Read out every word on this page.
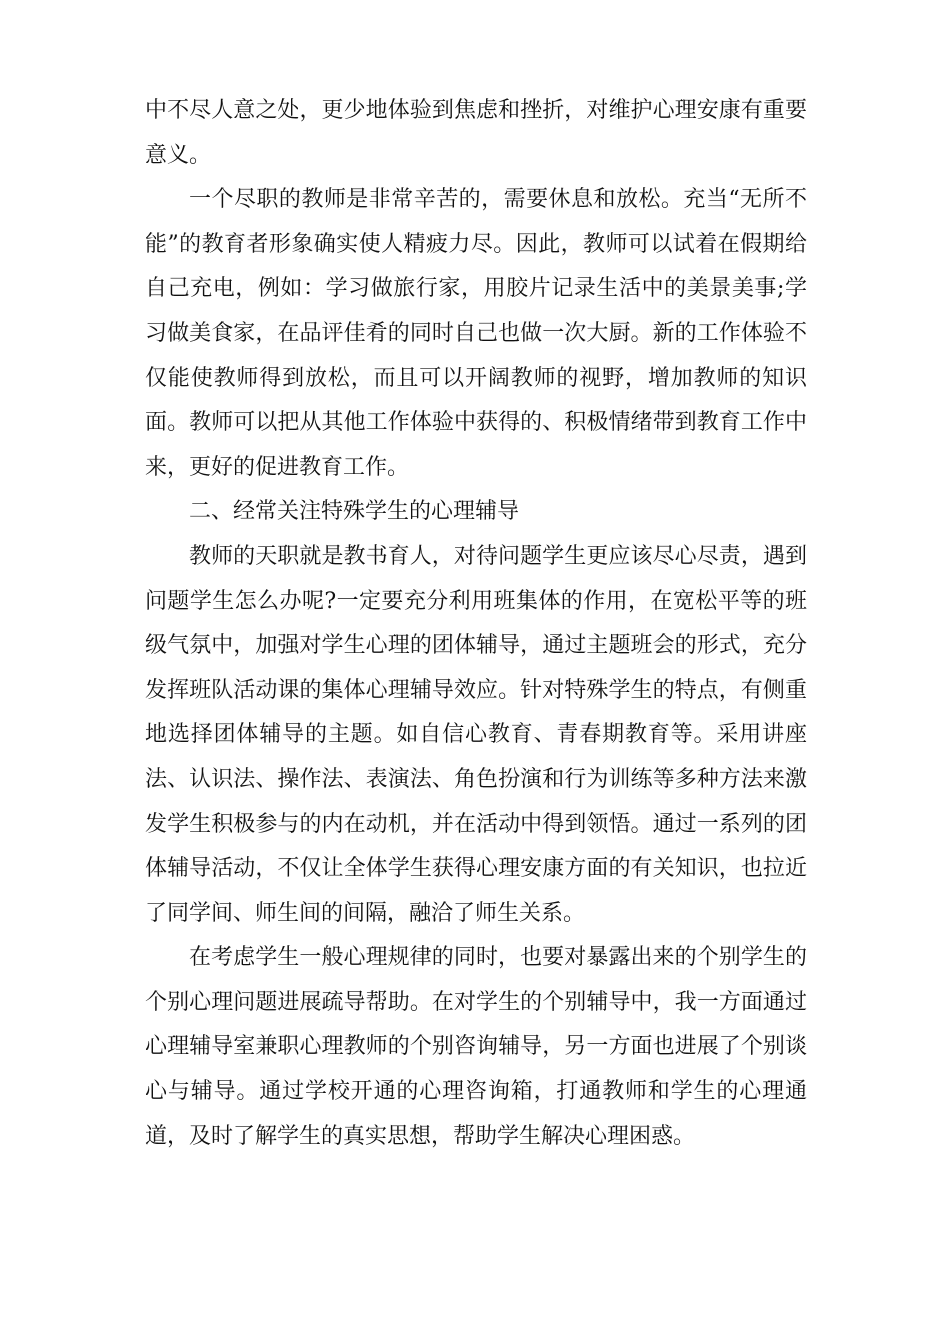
中不尽人意之处，更少地体验到焦虑和挫折，对维护心理安康有重要意义。

一个尽职的教师是非常辛苦的，需要休息和放松。充当“无所不能”的教育者形象确实使人精疲力尽。因此，教师可以试着在假期给自己充电，例如：学习做旅行家，用胶片记录生活中的美景美事;学习做美食家，在品评佳肴的同时自己也做一次大厨。新的工作体验不仅能使教师得到放松，而且可以开阔教师的视野，增加教师的知识面。教师可以把从其他工作体验中获得的、积极情绪带到教育工作中来，更好的促进教育工作。

二、经常关注特殊学生的心理辅导

教师的天职就是教书育人，对待问题学生更应该尽心尽责，遇到问题学生怎么办呢?一定要充分利用班集体的作用，在宽松平等的班级气氛中，加强对学生心理的团体辅导，通过主题班会的形式，充分发挥班队活动课的集体心理辅导效应。针对特殊学生的特点，有侧重地选择团体辅导的主题。如自信心教育、青春期教育等。采用讲座法、认识法、操作法、表演法、角色扮演和行为训练等多种方法来激发学生积极参与的内在动机，并在活动中得到领悟。通过一系列的团体辅导活动，不仅让全体学生获得心理安康方面的有关知识，也拉近了同学间、师生间的间隔，融洽了师生关系。

在考虑学生一般心理规律的同时，也要对暴露出来的个别学生的个别心理问题进展疏导帮助。在对学生的个别辅导中，我一方面通过心理辅导室兼职心理教师的个别咨询辅导，另一方面也进展了个别谈心与辅导。通过学校开通的心理咨询箱，打通教师和学生的心理通道，及时了解学生的真实思想，帮助学生解决心理困惑。
